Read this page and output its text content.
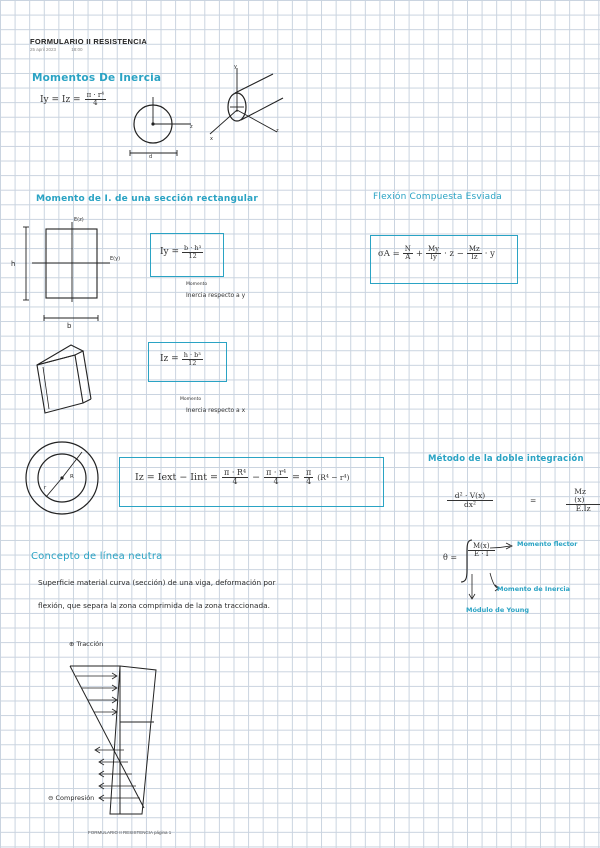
FORMULARIO II RESISTENCIA
25 april 2023	18:00
Momentos De Inercia
$Iy = Iz = \frac{\text{π · r⁴}}{4}$
z
d
y
x
z
Momento de I. de una sección rectangular
h
b
E(z)
E(y)
$Iy = \frac{\text{b · h³}}{12}$
Momento
Inercia respecto a y
$Iz = \frac{\text{h · b³}}{12}$
Momento
Inercia respecto a x
Flexión Compuesta Esviada
$\sigma A = \frac{N}{A} + \frac{My}{Iy} \cdot z - \frac{Mz}{Iz} \cdot y$
R
r
Iz = Iext − Iint = $\frac{\text{π · R⁴}}{4} - \frac{\text{π · r⁴}}{4} = \frac{\pi}{4} (R^4 - r^4)$
Método de la doble integración
$\frac{\text{d² · V(x)}}{\text{dx²}}$	=	$\frac{Mz (x)}{E.Iz}$
$\theta = \frac{M(x)}{E \cdot I}$	Momento flector
Momento de Inercia
Módulo de Young
Concepto de línea neutra
Superficie material curva (sección) de una viga, deformación por
flexión, que separa la zona comprimida de la zona traccionada.
⊕ Tracción
⊖ Compresión
FORMULARIO II RESISTENCIA página 1
